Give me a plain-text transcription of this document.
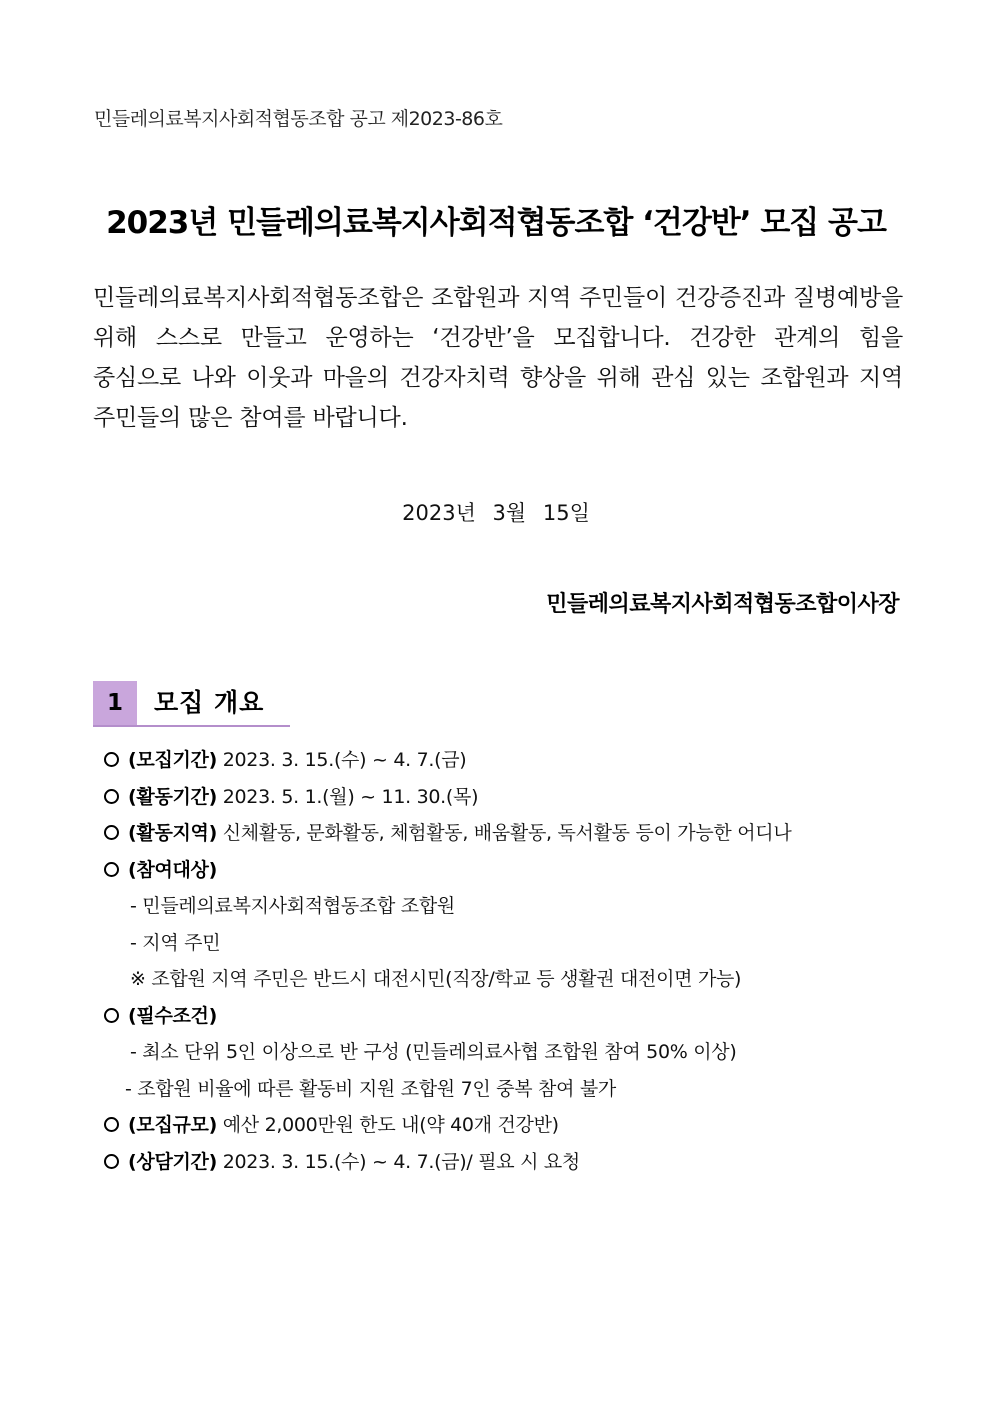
민들레의료복지사회적협동조합 공고 제2023-86호
2023년 민들레의료복지사회적협동조합 ‘건강반’ 모집 공고
민들레의료복지사회적협동조합은 조합원과 지역 주민들이 건강증진과 질병예방을 위해 스스로 만들고 운영하는 ‘건강반’을 모집합니다. 건강한 관계의 힘을 중심으로 나와 이웃과 마을의 건강자치력 향상을 위해 관심 있는 조합원과 지역 주민들의 많은 참여를 바랍니다.
2023년 3월 15일
민들레의료복지사회적협동조합이사장
1	모집 개요
(모집기간) 2023. 3. 15.(수) ~ 4. 7.(금)
(활동기간) 2023. 5. 1.(월) ~ 11. 30.(목)
(활동지역) 신체활동, 문화활동, 체험활동, 배움활동, 독서활동 등이 가능한 어디나
(참여대상)
- 민들레의료복지사회적협동조합 조합원
- 지역 주민
※ 조합원 지역 주민은 반드시 대전시민(직장/학교 등 생활권 대전이면 가능)
(필수조건)
- 최소 단위 5인 이상으로 반 구성 (민들레의료사협 조합원 참여 50% 이상)
- 조합원 비율에 따른 활동비 지원 조합원 7인 중복 참여 불가
(모집규모) 예산 2,000만원 한도 내(약 40개 건강반)
(상담기간) 2023. 3. 15.(수) ~ 4. 7.(금)/ 필요 시 요청
